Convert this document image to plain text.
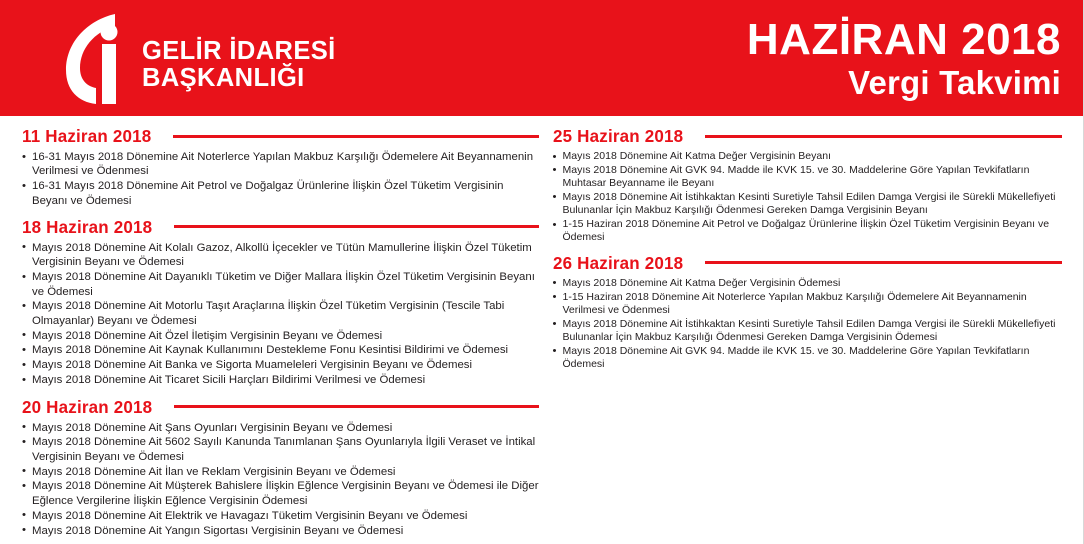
GELİR İDARESİ
BAŞKANLIĞI
HAZİRAN 2018
Vergi Takvimi
11 Haziran 2018
• 16-31 Mayıs 2018 Dönemine Ait Noterlerce Yapılan Makbuz Karşılığı Ödemelere Ait Beyannamenin Verilmesi ve Ödenmesi
• 16-31 Mayıs 2018 Dönemine Ait Petrol ve Doğalgaz Ürünlerine İlişkin Özel Tüketim Vergisinin Beyanı ve Ödemesi
18 Haziran 2018
• Mayıs 2018 Dönemine Ait Kolalı Gazoz, Alkollü İçecekler ve Tütün Mamullerine İlişkin Özel Tüketim Vergisinin Beyanı ve Ödemesi
• Mayıs 2018 Dönemine Ait Dayanıklı Tüketim ve Diğer Mallara İlişkin Özel Tüketim Vergisinin Beyanı ve Ödemesi
• Mayıs 2018 Dönemine Ait Motorlu Taşıt Araçlarına İlişkin Özel Tüketim Vergisinin (Tescile Tabi Olmayanlar) Beyanı ve Ödemesi
• Mayıs 2018 Dönemine Ait Özel İletişim Vergisinin Beyanı ve Ödemesi
• Mayıs 2018 Dönemine Ait Kaynak Kullanımını Destekleme Fonu Kesintisi Bildirimi ve Ödemesi
• Mayıs 2018 Dönemine Ait Banka ve Sigorta Muameleleri Vergisinin Beyanı ve Ödemesi
• Mayıs 2018 Dönemine Ait Ticaret Sicili Harçları Bildirimi Verilmesi ve Ödemesi
20 Haziran 2018
• Mayıs 2018 Dönemine Ait Şans Oyunları Vergisinin Beyanı ve Ödemesi
• Mayıs 2018 Dönemine Ait 5602 Sayılı Kanunda Tanımlanan Şans Oyunlarıyla İlgili Veraset ve İntikal Vergisinin Beyanı ve Ödemesi
• Mayıs 2018 Dönemine Ait İlan ve Reklam Vergisinin Beyanı ve Ödemesi
• Mayıs 2018 Dönemine Ait Müşterek Bahislere İlişkin Eğlence Vergisinin Beyanı ve Ödemesi ile Diğer Eğlence Vergilerine İlişkin Eğlence Vergisinin Ödemesi
• Mayıs 2018 Dönemine Ait Elektrik ve Havagazı Tüketim Vergisinin Beyanı ve Ödemesi
• Mayıs 2018 Dönemine Ait Yangın Sigortası Vergisinin Beyanı ve Ödemesi
25 Haziran 2018
• Mayıs 2018 Dönemine Ait Katma Değer Vergisinin Beyanı
• Mayıs 2018 Dönemine Ait GVK 94. Madde ile KVK 15. ve 30. Maddelerine Göre Yapılan Tevkifatların Muhtasar Beyanname ile Beyanı
• Mayıs 2018 Dönemine Ait İstihkaktan Kesinti Suretiyle Tahsil Edilen Damga Vergisi ile Sürekli Mükellefiyeti Bulunanlar İçin Makbuz Karşılığı Ödenmesi Gereken Damga Vergisinin Beyanı
• 1-15 Haziran 2018 Dönemine Ait Petrol ve Doğalgaz Ürünlerine İlişkin Özel Tüketim Vergisinin Beyanı ve Ödemesi
26 Haziran 2018
• Mayıs 2018 Dönemine Ait Katma Değer Vergisinin Ödemesi
• 1-15 Haziran 2018 Dönemine Ait Noterlerce Yapılan Makbuz Karşılığı Ödemelere Ait Beyannamenin Verilmesi ve Ödenmesi
• Mayıs 2018 Dönemine Ait İstihkaktan Kesinti Suretiyle Tahsil Edilen Damga Vergisi ile Sürekli Mükellefiyeti Bulunanlar İçin Makbuz Karşılığı Ödenmesi Gereken Damga Vergisinin Ödemesi
• Mayıs 2018 Dönemine Ait GVK 94. Madde ile KVK 15. ve 30. Maddelerine Göre Yapılan Tevkifatların Ödemesi
